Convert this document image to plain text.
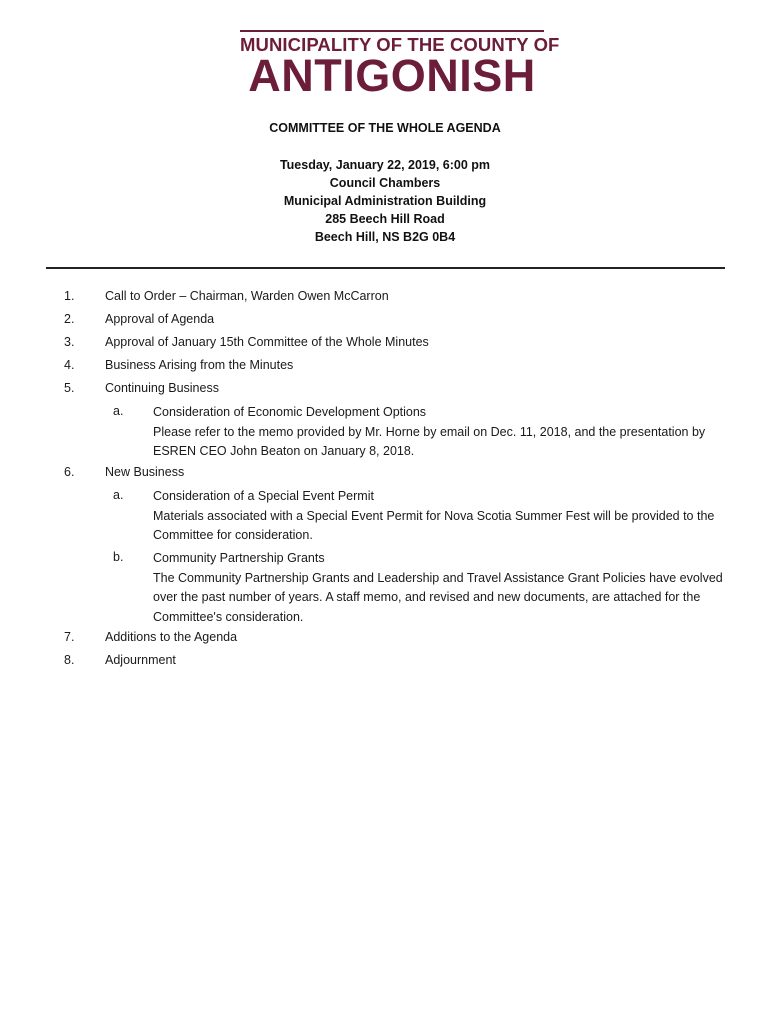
MUNICIPALITY OF THE COUNTY OF
ANTIGONISH
COMMITTEE OF THE WHOLE AGENDA
Tuesday, January 22, 2019, 6:00 pm
Council Chambers
Municipal Administration Building
285 Beech Hill Road
Beech Hill, NS B2G 0B4
1. Call to Order – Chairman, Warden Owen McCarron
2. Approval of Agenda
3. Approval of January 15th Committee of the Whole Minutes
4. Business Arising from the Minutes
5. Continuing Business
a. Consideration of Economic Development Options
Please refer to the memo provided by Mr. Horne by email on Dec. 11, 2018, and the presentation by ESREN CEO John Beaton on January 8, 2018.
6. New Business
a. Consideration of a Special Event Permit
Materials associated with a Special Event Permit for Nova Scotia Summer Fest will be provided to the Committee for consideration.
b. Community Partnership Grants
The Community Partnership Grants and Leadership and Travel Assistance Grant Policies have evolved over the past number of years. A staff memo, and revised and new documents, are attached for the Committee's consideration.
7. Additions to the Agenda
8. Adjournment
